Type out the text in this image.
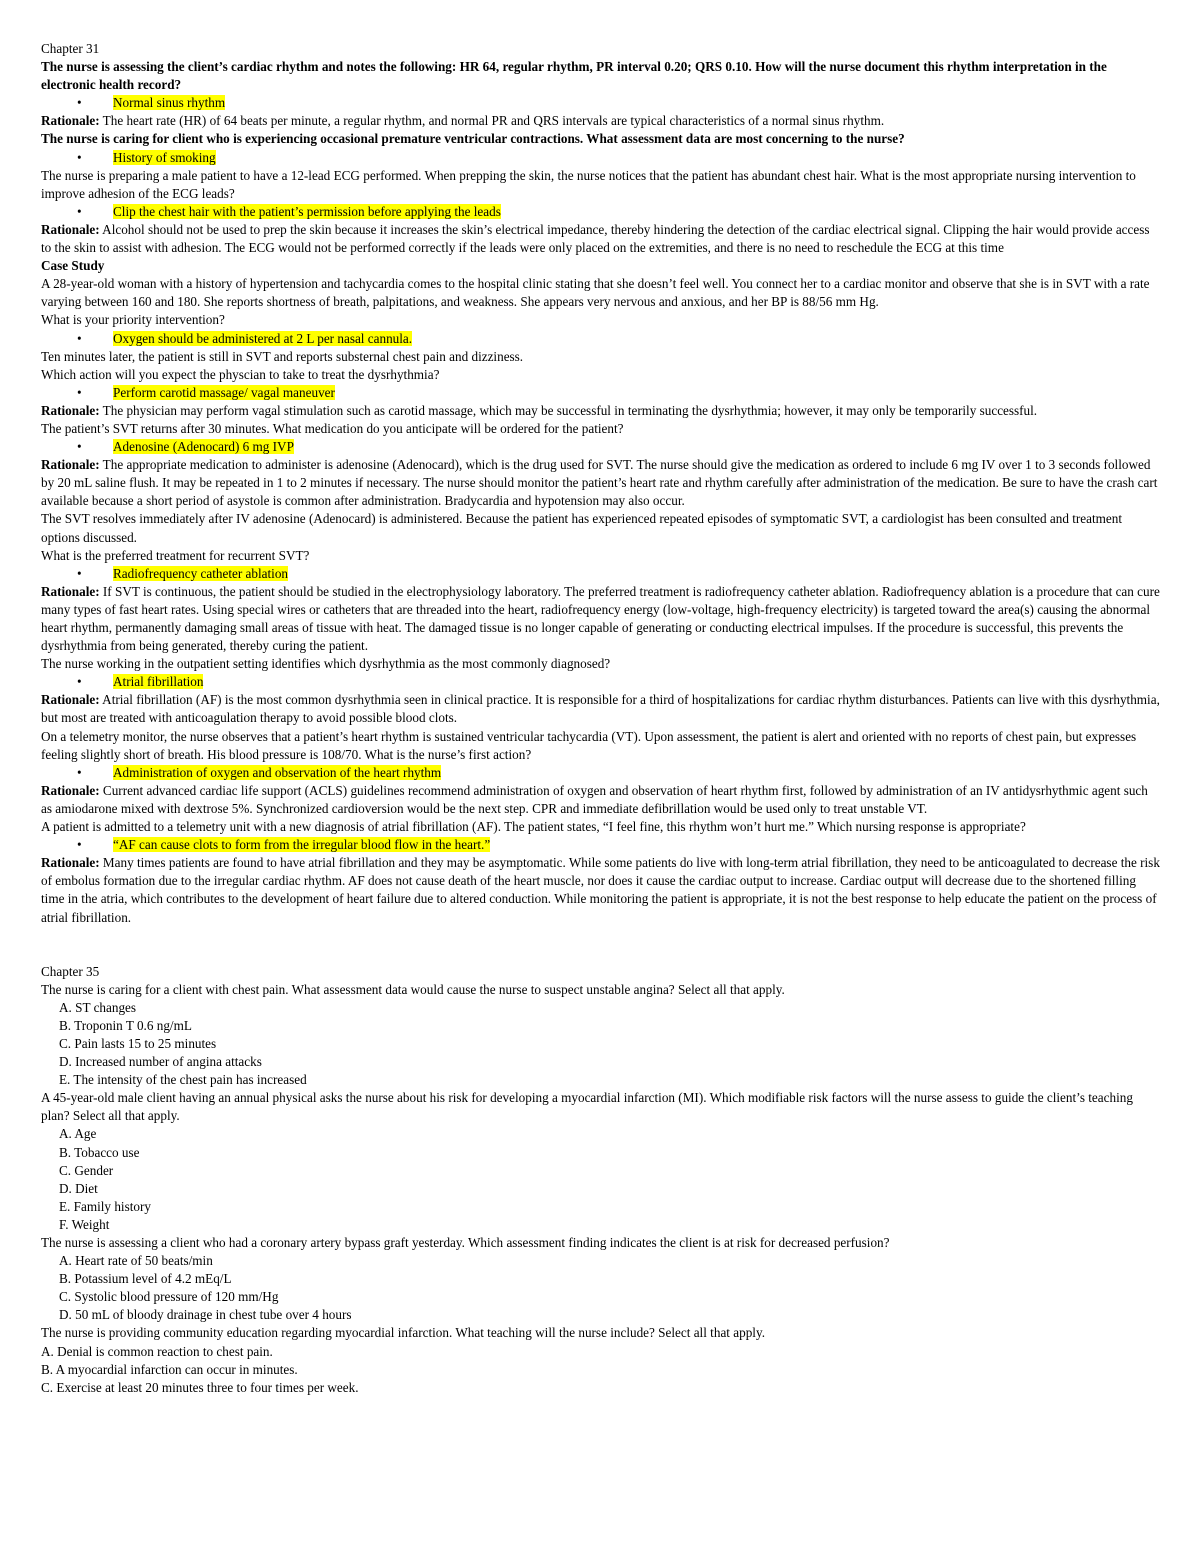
Chapter 31

The nurse is assessing the client’s cardiac rhythm and notes the following: HR 64, regular rhythm, PR interval 0.20; QRS 0.10. How will the nurse document this rhythm interpretation in the electronic health record?

• Normal sinus rhythm

Rationale: The heart rate (HR) of 64 beats per minute, a regular rhythm, and normal PR and QRS intervals are typical characteristics of a normal sinus rhythm.

The nurse is caring for client who is experiencing occasional premature ventricular contractions. What assessment data are most concerning to the nurse?

• History of smoking

The nurse is preparing a male patient to have a 12-lead ECG performed. When prepping the skin, the nurse notices that the patient has abundant chest hair. What is the most appropriate nursing intervention to improve adhesion of the ECG leads?

• Clip the chest hair with the patient’s permission before applying the leads

Rationale: Alcohol should not be used to prep the skin because it increases the skin’s electrical impedance, thereby hindering the detection of the cardiac electrical signal. Clipping the hair would provide access to the skin to assist with adhesion. The ECG would not be performed correctly if the leads were only placed on the extremities, and there is no need to reschedule the ECG at this time

Case Study

A 28-year-old woman with a history of hypertension and tachycardia comes to the hospital clinic stating that she doesn’t feel well. You connect her to a cardiac monitor and observe that she is in SVT with a rate varying between 160 and 180. She reports shortness of breath, palpitations, and weakness. She appears very nervous and anxious, and her BP is 88/56 mm Hg.

What is your priority intervention?

• Oxygen should be administered at 2 L per nasal cannula.

Ten minutes later, the patient is still in SVT and reports substernal chest pain and dizziness.

Which action will you expect the physcian to take to treat the dysrhythmia?

• Perform carotid massage/ vagal maneuver

Rationale: The physician may perform vagal stimulation such as carotid massage, which may be successful in terminating the dysrhythmia; however, it may only be temporarily successful.

The patient’s SVT returns after 30 minutes. What medication do you anticipate will be ordered for the patient?

• Adenosine (Adenocard) 6 mg IVP

Rationale: The appropriate medication to administer is adenosine (Adenocard), which is the drug used for SVT. The nurse should give the medication as ordered to include 6 mg IV over 1 to 3 seconds followed by 20 mL saline flush. It may be repeated in 1 to 2 minutes if necessary. The nurse should monitor the patient’s heart rate and rhythm carefully after administration of the medication. Be sure to have the crash cart available because a short period of asystole is common after administration. Bradycardia and hypotension may also occur.

The SVT resolves immediately after IV adenosine (Adenocard) is administered. Because the patient has experienced repeated episodes of symptomatic SVT, a cardiologist has been consulted and treatment options discussed.

What is the preferred treatment for recurrent SVT?

• Radiofrequency catheter ablation

Rationale: If SVT is continuous, the patient should be studied in the electrophysiology laboratory. The preferred treatment is radiofrequency catheter ablation. Radiofrequency ablation is a procedure that can cure many types of fast heart rates. Using special wires or catheters that are threaded into the heart, radiofrequency energy (low-voltage, high-frequency electricity) is targeted toward the area(s) causing the abnormal heart rhythm, permanently damaging small areas of tissue with heat. The damaged tissue is no longer capable of generating or conducting electrical impulses. If the procedure is successful, this prevents the dysrhythmia from being generated, thereby curing the patient.

The nurse working in the outpatient setting identifies which dysrhythmia as the most commonly diagnosed?

• Atrial fibrillation

Rationale: Atrial fibrillation (AF) is the most common dysrhythmia seen in clinical practice. It is responsible for a third of hospitalizations for cardiac rhythm disturbances. Patients can live with this dysrhythmia, but most are treated with anticoagulation therapy to avoid possible blood clots.

On a telemetry monitor, the nurse observes that a patient’s heart rhythm is sustained ventricular tachycardia (VT). Upon assessment, the patient is alert and oriented with no reports of chest pain, but expresses feeling slightly short of breath. His blood pressure is 108/70. What is the nurse’s first action?

• Administration of oxygen and observation of the heart rhythm

Rationale: Current advanced cardiac life support (ACLS) guidelines recommend administration of oxygen and observation of heart rhythm first, followed by administration of an IV antidysrhythmic agent such as amiodarone mixed with dextrose 5%. Synchronized cardioversion would be the next step. CPR and immediate defibrillation would be used only to treat unstable VT.

A patient is admitted to a telemetry unit with a new diagnosis of atrial fibrillation (AF). The patient states, “I feel fine, this rhythm won’t hurt me.” Which nursing response is appropriate?

• “AF can cause clots to form from the irregular blood flow in the heart.”

Rationale: Many times patients are found to have atrial fibrillation and they may be asymptomatic. While some patients do live with long-term atrial fibrillation, they need to be anticoagulated to decrease the risk of embolus formation due to the irregular cardiac rhythm. AF does not cause death of the heart muscle, nor does it cause the cardiac output to increase. Cardiac output will decrease due to the shortened filling time in the atria, which contributes to the development of heart failure due to altered conduction. While monitoring the patient is appropriate, it is not the best response to help educate the patient on the process of atrial fibrillation.

Chapter 35

The nurse is caring for a client with chest pain. What assessment data would cause the nurse to suspect unstable angina? Select all that apply.

A. ST changes

B. Troponin T 0.6 ng/mL

C. Pain lasts 15 to 25 minutes

D. Increased number of angina attacks

E. The intensity of the chest pain has increased

A 45-year-old male client having an annual physical asks the nurse about his risk for developing a myocardial infarction (MI). Which modifiable risk factors will the nurse assess to guide the client’s teaching plan? Select all that apply.

A. Age

B. Tobacco use

C. Gender

D. Diet

E. Family history

F. Weight

The nurse is assessing a client who had a coronary artery bypass graft yesterday. Which assessment finding indicates the client is at risk for decreased perfusion?

A. Heart rate of 50 beats/min

B. Potassium level of 4.2 mEq/L

C. Systolic blood pressure of 120 mm/Hg

D. 50 mL of bloody drainage in chest tube over 4 hours

The nurse is providing community education regarding myocardial infarction. What teaching will the nurse include? Select all that apply.

A. Denial is common reaction to chest pain.

B. A myocardial infarction can occur in minutes.

C. Exercise at least 20 minutes three to four times per week.
